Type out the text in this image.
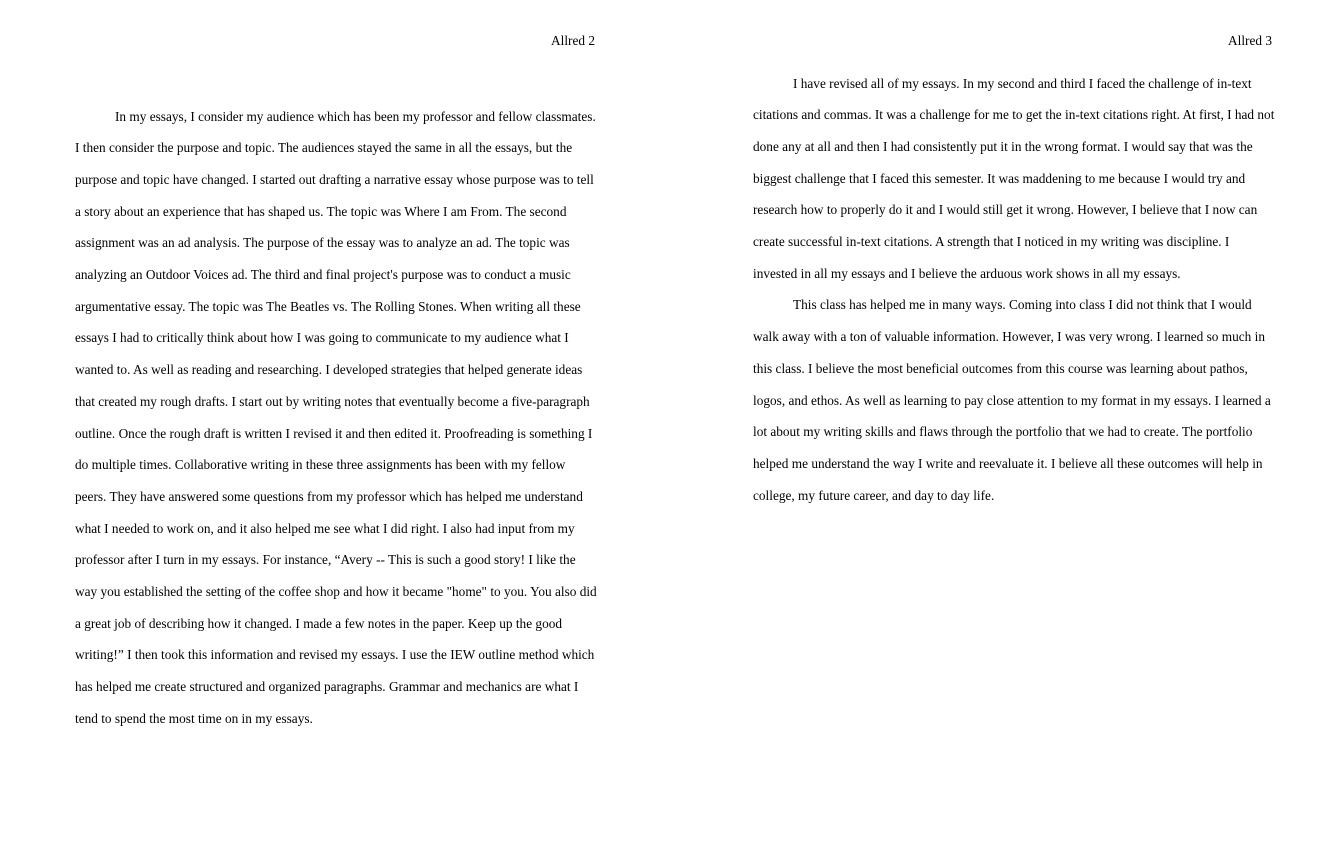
Allred 2

In my essays, I consider my audience which has been my professor and fellow classmates. I then consider the purpose and topic. The audiences stayed the same in all the essays, but the purpose and topic have changed. I started out drafting a narrative essay whose purpose was to tell a story about an experience that has shaped us. The topic was Where I am From. The second assignment was an ad analysis. The purpose of the essay was to analyze an ad. The topic was analyzing an Outdoor Voices ad. The third and final project's purpose was to conduct a music argumentative essay. The topic was The Beatles vs. The Rolling Stones. When writing all these essays I had to critically think about how I was going to communicate to my audience what I wanted to. As well as reading and researching. I developed strategies that helped generate ideas that created my rough drafts. I start out by writing notes that eventually become a five-paragraph outline. Once the rough draft is written I revised it and then edited it. Proofreading is something I do multiple times. Collaborative writing in these three assignments has been with my fellow peers. They have answered some questions from my professor which has helped me understand what I needed to work on, and it also helped me see what I did right. I also had input from my professor after I turn in my essays. For instance, “Avery -- This is such a good story! I like the way you established the setting of the coffee shop and how it became "home" to you. You also did a great job of describing how it changed. I made a few notes in the paper. Keep up the good writing!” I then took this information and revised my essays. I use the IEW outline method which has helped me create structured and organized paragraphs. Grammar and mechanics are what I tend to spend the most time on in my essays.

Allred 3

I have revised all of my essays. In my second and third I faced the challenge of in-text citations and commas. It was a challenge for me to get the in-text citations right. At first, I had not done any at all and then I had consistently put it in the wrong format. I would say that was the biggest challenge that I faced this semester. It was maddening to me because I would try and research how to properly do it and I would still get it wrong. However, I believe that I now can create successful in-text citations. A strength that I noticed in my writing was discipline. I invested in all my essays and I believe the arduous work shows in all my essays.

This class has helped me in many ways. Coming into class I did not think that I would walk away with a ton of valuable information. However, I was very wrong. I learned so much in this class. I believe the most beneficial outcomes from this course was learning about pathos, logos, and ethos. As well as learning to pay close attention to my format in my essays. I learned a lot about my writing skills and flaws through the portfolio that we had to create. The portfolio helped me understand the way I write and reevaluate it. I believe all these outcomes will help in college, my future career, and day to day life.
